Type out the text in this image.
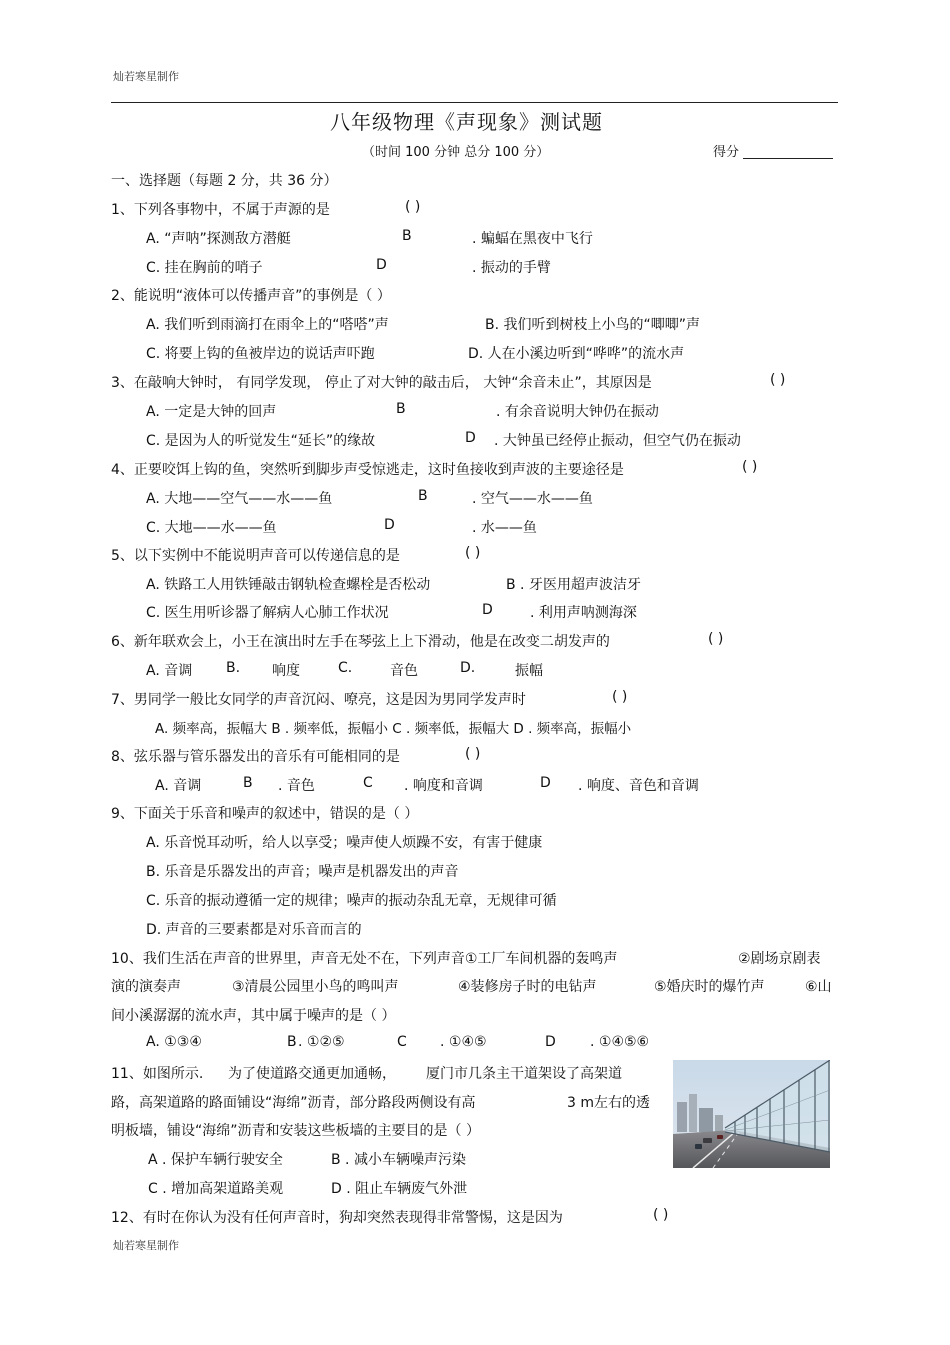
灿若寒星制作
八年级物理《声现象》测试题
（时间 100 分钟 总分 100 分）	得分
一、选择题（每题 2 分，共 36 分）
1、下列各事物中，不属于声源的是	( )
A. “声呐”探测敌方潜艇	B	. 蝙蝠在黑夜中飞行
C. 挂在胸前的哨子	D	. 振动的手臂
2、能说明“液体可以传播声音”的事例是（ ）
A. 我们听到雨滴打在雨伞上的“嗒嗒”声	B. 我们听到树枝上小鸟的“唧唧”声
C. 将要上钩的鱼被岸边的说话声吓跑	D. 人在小溪边听到“哗哗”的流水声
3、在敲响大钟时， 有同学发现， 停止了对大钟的敲击后， 大钟“余音未止”，其原因是	( )
A. 一定是大钟的回声	B	. 有余音说明大钟仍在振动
C. 是因为人的听觉发生“延长”的缘故	D . 大钟虽已经停止振动，但空气仍在振动
4、正要咬饵上钩的鱼，突然听到脚步声受惊逃走，这时鱼接收到声波的主要途径是	( )
A. 大地——空气——水——鱼	B	. 空气——水——鱼
C. 大地——水——鱼	D	. 水——鱼
5、以下实例中不能说明声音可以传递信息的是	( )
A. 铁路工人用铁锤敲击钢轨检查螺栓是否松动	B . 牙医用超声波洁牙
C. 医生用听诊器了解病人心肺工作状况	D	. 利用声呐测海深
6、新年联欢会上，小王在演出时左手在琴弦上上下滑动，他是在改变二胡发声的	( )
A. 音调 B. 响度	C.	音色	D.	振幅
7、男同学一般比女同学的声音沉闷、嘹亮，这是因为男同学发声时	( )
A. 频率高，振幅大 B . 频率低，振幅小 C . 频率低，振幅大 D . 频率高，振幅小
8、弦乐器与管乐器发出的音乐有可能相同的是	( )
A. 音调	B . 音色	C . 响度和音调	D . 响度、音色和音调
9、下面关于乐音和噪声的叙述中，错误的是（ ）
A. 乐音悦耳动听，给人以享受；噪声使人烦躁不安，有害于健康
B. 乐音是乐器发出的声音；噪声是机器发出的声音
C. 乐音的振动遵循一定的规律；噪声的振动杂乱无章，无规律可循
D. 声音的三要素都是对乐音而言的
10、我们生活在声音的世界里，声音无处不在，下列声音①工厂车间机器的轰鸣声	②剧场京剧表
演的演奏声	③清晨公园里小鸟的鸣叫声	④装修房子时的电钻声	⑤婚庆时的爆竹声	⑥山
间小溪潺潺的流水声，其中属于噪声的是（ ）
A. ①③④	B . ①②⑤	C . ①④⑤	D . ①④⑤⑥
11、如图所示. 为了使道路交通更加通畅， 厦门市几条主干道架设了高架道
路，高架道路的路面铺设“海绵”沥青，部分路段两侧设有高	3 m左右的透
明板墙，铺设“海绵”沥青和安装这些板墙的主要目的是（ ）
A . 保护车辆行驶安全	B . 减小车辆噪声污染
C . 增加高架道路美观	D . 阻止车辆废气外泄
12、有时在你认为没有任何声音时，狗却突然表现得非常警惕，这是因为	( )
灿若寒星制作
